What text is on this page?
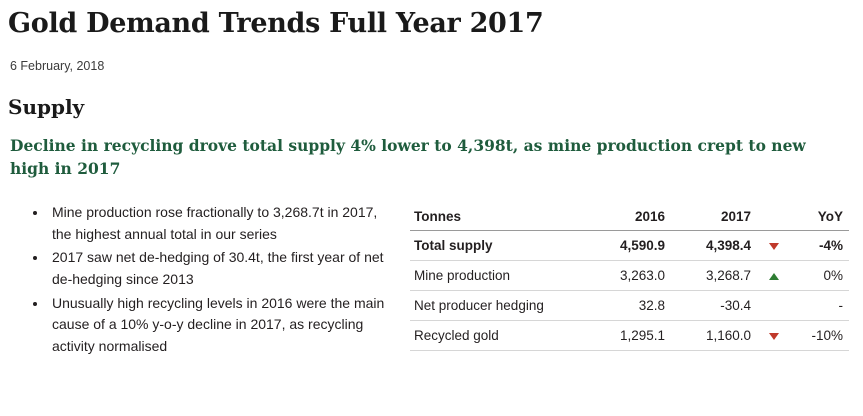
Gold Demand Trends Full Year 2017
6 February, 2018
Supply

Decline in recycling drove total supply 4% lower to 4,398t, as mine production crept to new high in 2017

• Mine production rose fractionally to 3,268.7t in 2017, the highest annual total in our series
• 2017 saw net de-hedging of 30.4t, the first year of net de-hedging since 2013
• Unusually high recycling levels in 2016 were the main cause of a 10% y-o-y decline in 2017, as recycling activity normalised
Tonnes	2016	2017		YoY
Total supply	4,590.9	4,398.4		-4%
Mine production	3,263.0	3,268.7		0%
Net producer hedging	32.8	-30.4		-
Recycled gold	1,295.1	1,160.0		-10%
